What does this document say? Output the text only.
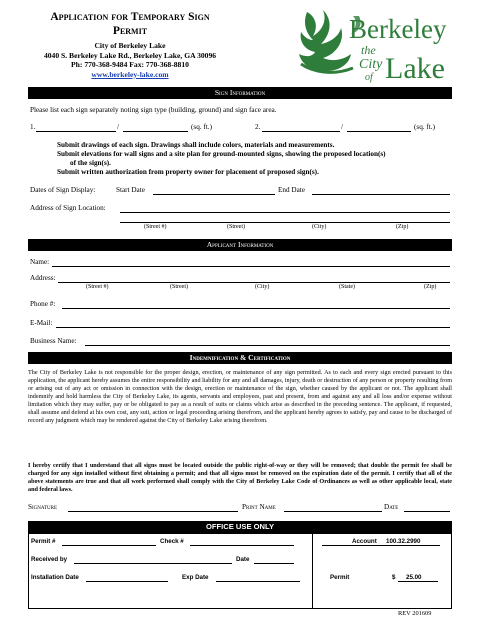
Application for Temporary Sign
Permit
City of Berkeley Lake
4040 S. Berkeley Lake Rd., Berkeley Lake, GA 30096
Ph: 770-368-9484 Fax: 770-368-8810
www.berkeley-lake.com
Berkeley
the
City
of Lake
Sign Information
Please list each sign separately noting sign type (building, ground) and sign face area.
1.	/	(sq. ft.)	2.	/	(sq. ft.)
Submit drawings of each sign. Drawings shall include colors, materials and measurements.
Submit elevations for wall signs and a site plan for ground-mounted signs, showing the proposed location(s)
of the sign(s).
Submit written authorization from property owner for placement of proposed sign(s).
Dates of Sign Display:	Start Date	End Date
Address of Sign Location:
(Street #)	(Street)	(City)	(Zip)
Applicant Information
Name:
Address:
(Street #)	(Street)	(City)	(State)	(Zip)
Phone #:
E-Mail:
Business Name:
Indemnification & Certification
The City of Berkeley Lake is not responsible for the proper design, erection, or maintenance of any sign permitted. As to each and every sign erected pursuant to this application, the applicant hereby assumes the entire responsibility and liability for any and all damages, injury, death or destruction of any person or property resulting from or arising out of any act or omission in connection with the design, erection or maintenance of the sign, whether caused by the applicant or not. The applicant shall indemnify and hold harmless the City of Berkeley Lake, its agents, servants and employees, past and present, from and against any and all loss and/or expense without limitation which they may suffer, pay or be obligated to pay as a result of suits or claims which arise as described in the preceding sentence. The applicant, if requested, shall assume and defend at his own cost, any suit, action or legal proceeding arising therefrom, and the applicant hereby agrees to satisfy, pay and cause to be discharged of record any judgment which may be rendered against the City of Berkeley Lake arising therefrom.
I hereby certify that I understand that all signs must be located outside the public right-of-way or they will be removed; that double the permit fee shall be charged for any sign installed without first obtaining a permit; and that all signs must be removed on the expiration date of the permit. I certify that all of the above statements are true and that all work performed shall comply with the City of Berkeley Lake Code of Ordinances as well as other applicable local, state and federal laws.
Signature	Print Name	Date
OFFICE USE ONLY
Permit #	Check #
Received by	Date
Installation Date	Exp Date
Account 100.32.2990
Permit	$ 25.00
REV 201609
